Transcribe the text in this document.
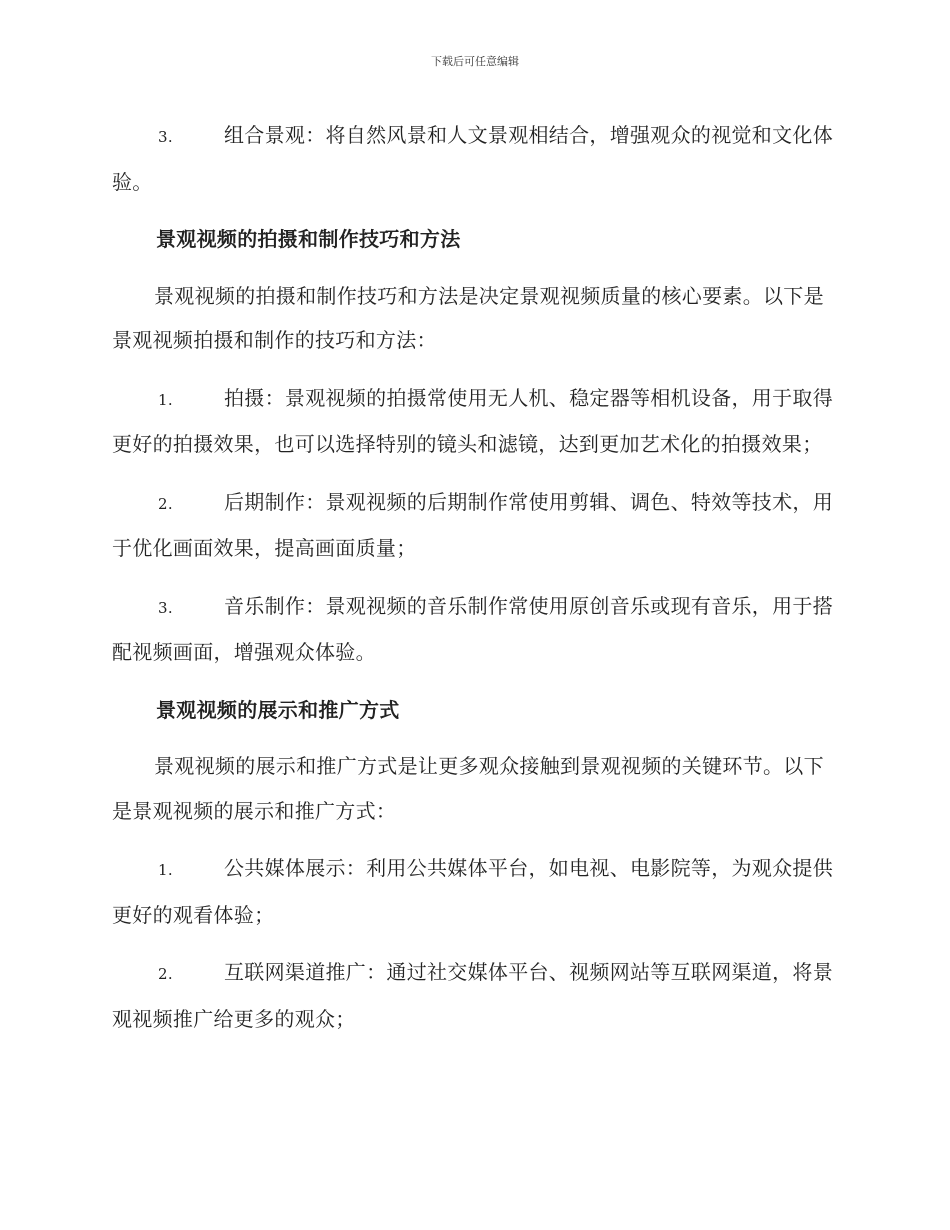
下载后可任意编辑
3.	组合景观：将自然风景和人文景观相结合，增强观众的视觉和文化体验。
景观视频的拍摄和制作技巧和方法
景观视频的拍摄和制作技巧和方法是决定景观视频质量的核心要素。以下是景观视频拍摄和制作的技巧和方法：
1.	拍摄：景观视频的拍摄常使用无人机、稳定器等相机设备，用于取得更好的拍摄效果，也可以选择特别的镜头和滤镜，达到更加艺术化的拍摄效果；
2.	后期制作：景观视频的后期制作常使用剪辑、调色、特效等技术，用于优化画面效果，提高画面质量；
3.	音乐制作：景观视频的音乐制作常使用原创音乐或现有音乐，用于搭配视频画面，增强观众体验。
景观视频的展示和推广方式
景观视频的展示和推广方式是让更多观众接触到景观视频的关键环节。以下是景观视频的展示和推广方式：
1.	公共媒体展示：利用公共媒体平台，如电视、电影院等，为观众提供更好的观看体验；
2.	互联网渠道推广：通过社交媒体平台、视频网站等互联网渠道，将景观视频推广给更多的观众；
